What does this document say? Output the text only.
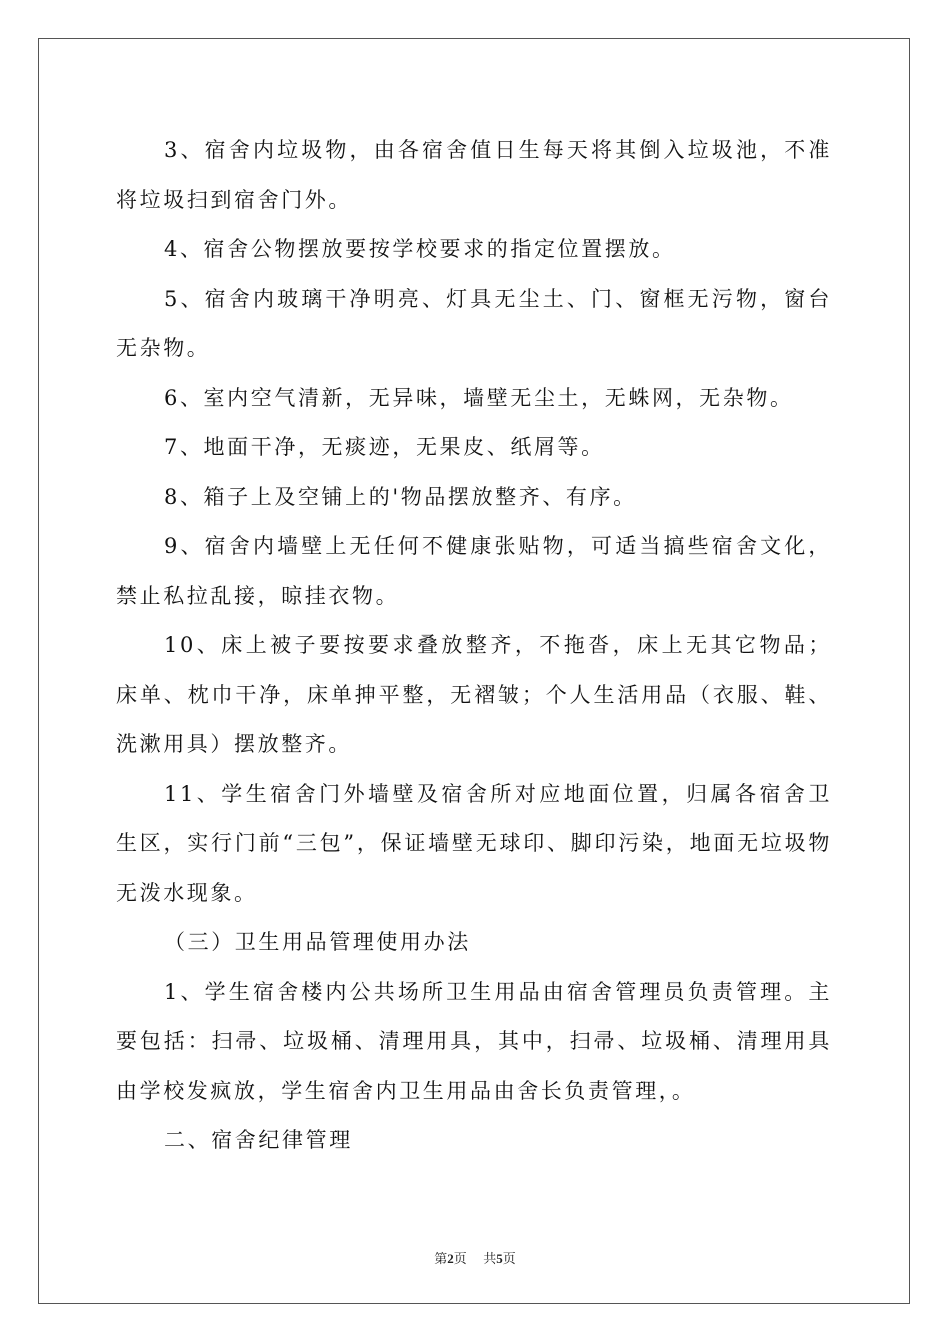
3、宿舍内垃圾物，由各宿舍值日生每天将其倒入垃圾池，不准将垃圾扫到宿舍门外。

4、宿舍公物摆放要按学校要求的指定位置摆放。

5、宿舍内玻璃干净明亮、灯具无尘土、门、窗框无污物，窗台无杂物。

6、室内空气清新，无异味，墙壁无尘土，无蛛网，无杂物。

7、地面干净，无痰迹，无果皮、纸屑等。

8、箱子上及空铺上的'物品摆放整齐、有序。

9、宿舍内墙壁上无任何不健康张贴物，可适当搞些宿舍文化，禁止私拉乱接，晾挂衣物。

10、床上被子要按要求叠放整齐，不拖沓，床上无其它物品；床单、枕巾干净，床单抻平整，无褶皱；个人生活用品（衣服、鞋、洗漱用具）摆放整齐。

11、学生宿舍门外墙壁及宿舍所对应地面位置，归属各宿舍卫生区，实行门前“三包”，保证墙壁无球印、脚印污染，地面无垃圾物无泼水现象。

（三）卫生用品管理使用办法

1、学生宿舍楼内公共场所卫生用品由宿舍管理员负责管理。主要包括：扫帚、垃圾桶、清理用具，其中，扫帚、垃圾桶、清理用具由学校发疯放，学生宿舍内卫生用品由舍长负责管理，。

二、宿舍纪律管理

第2页 共5页
